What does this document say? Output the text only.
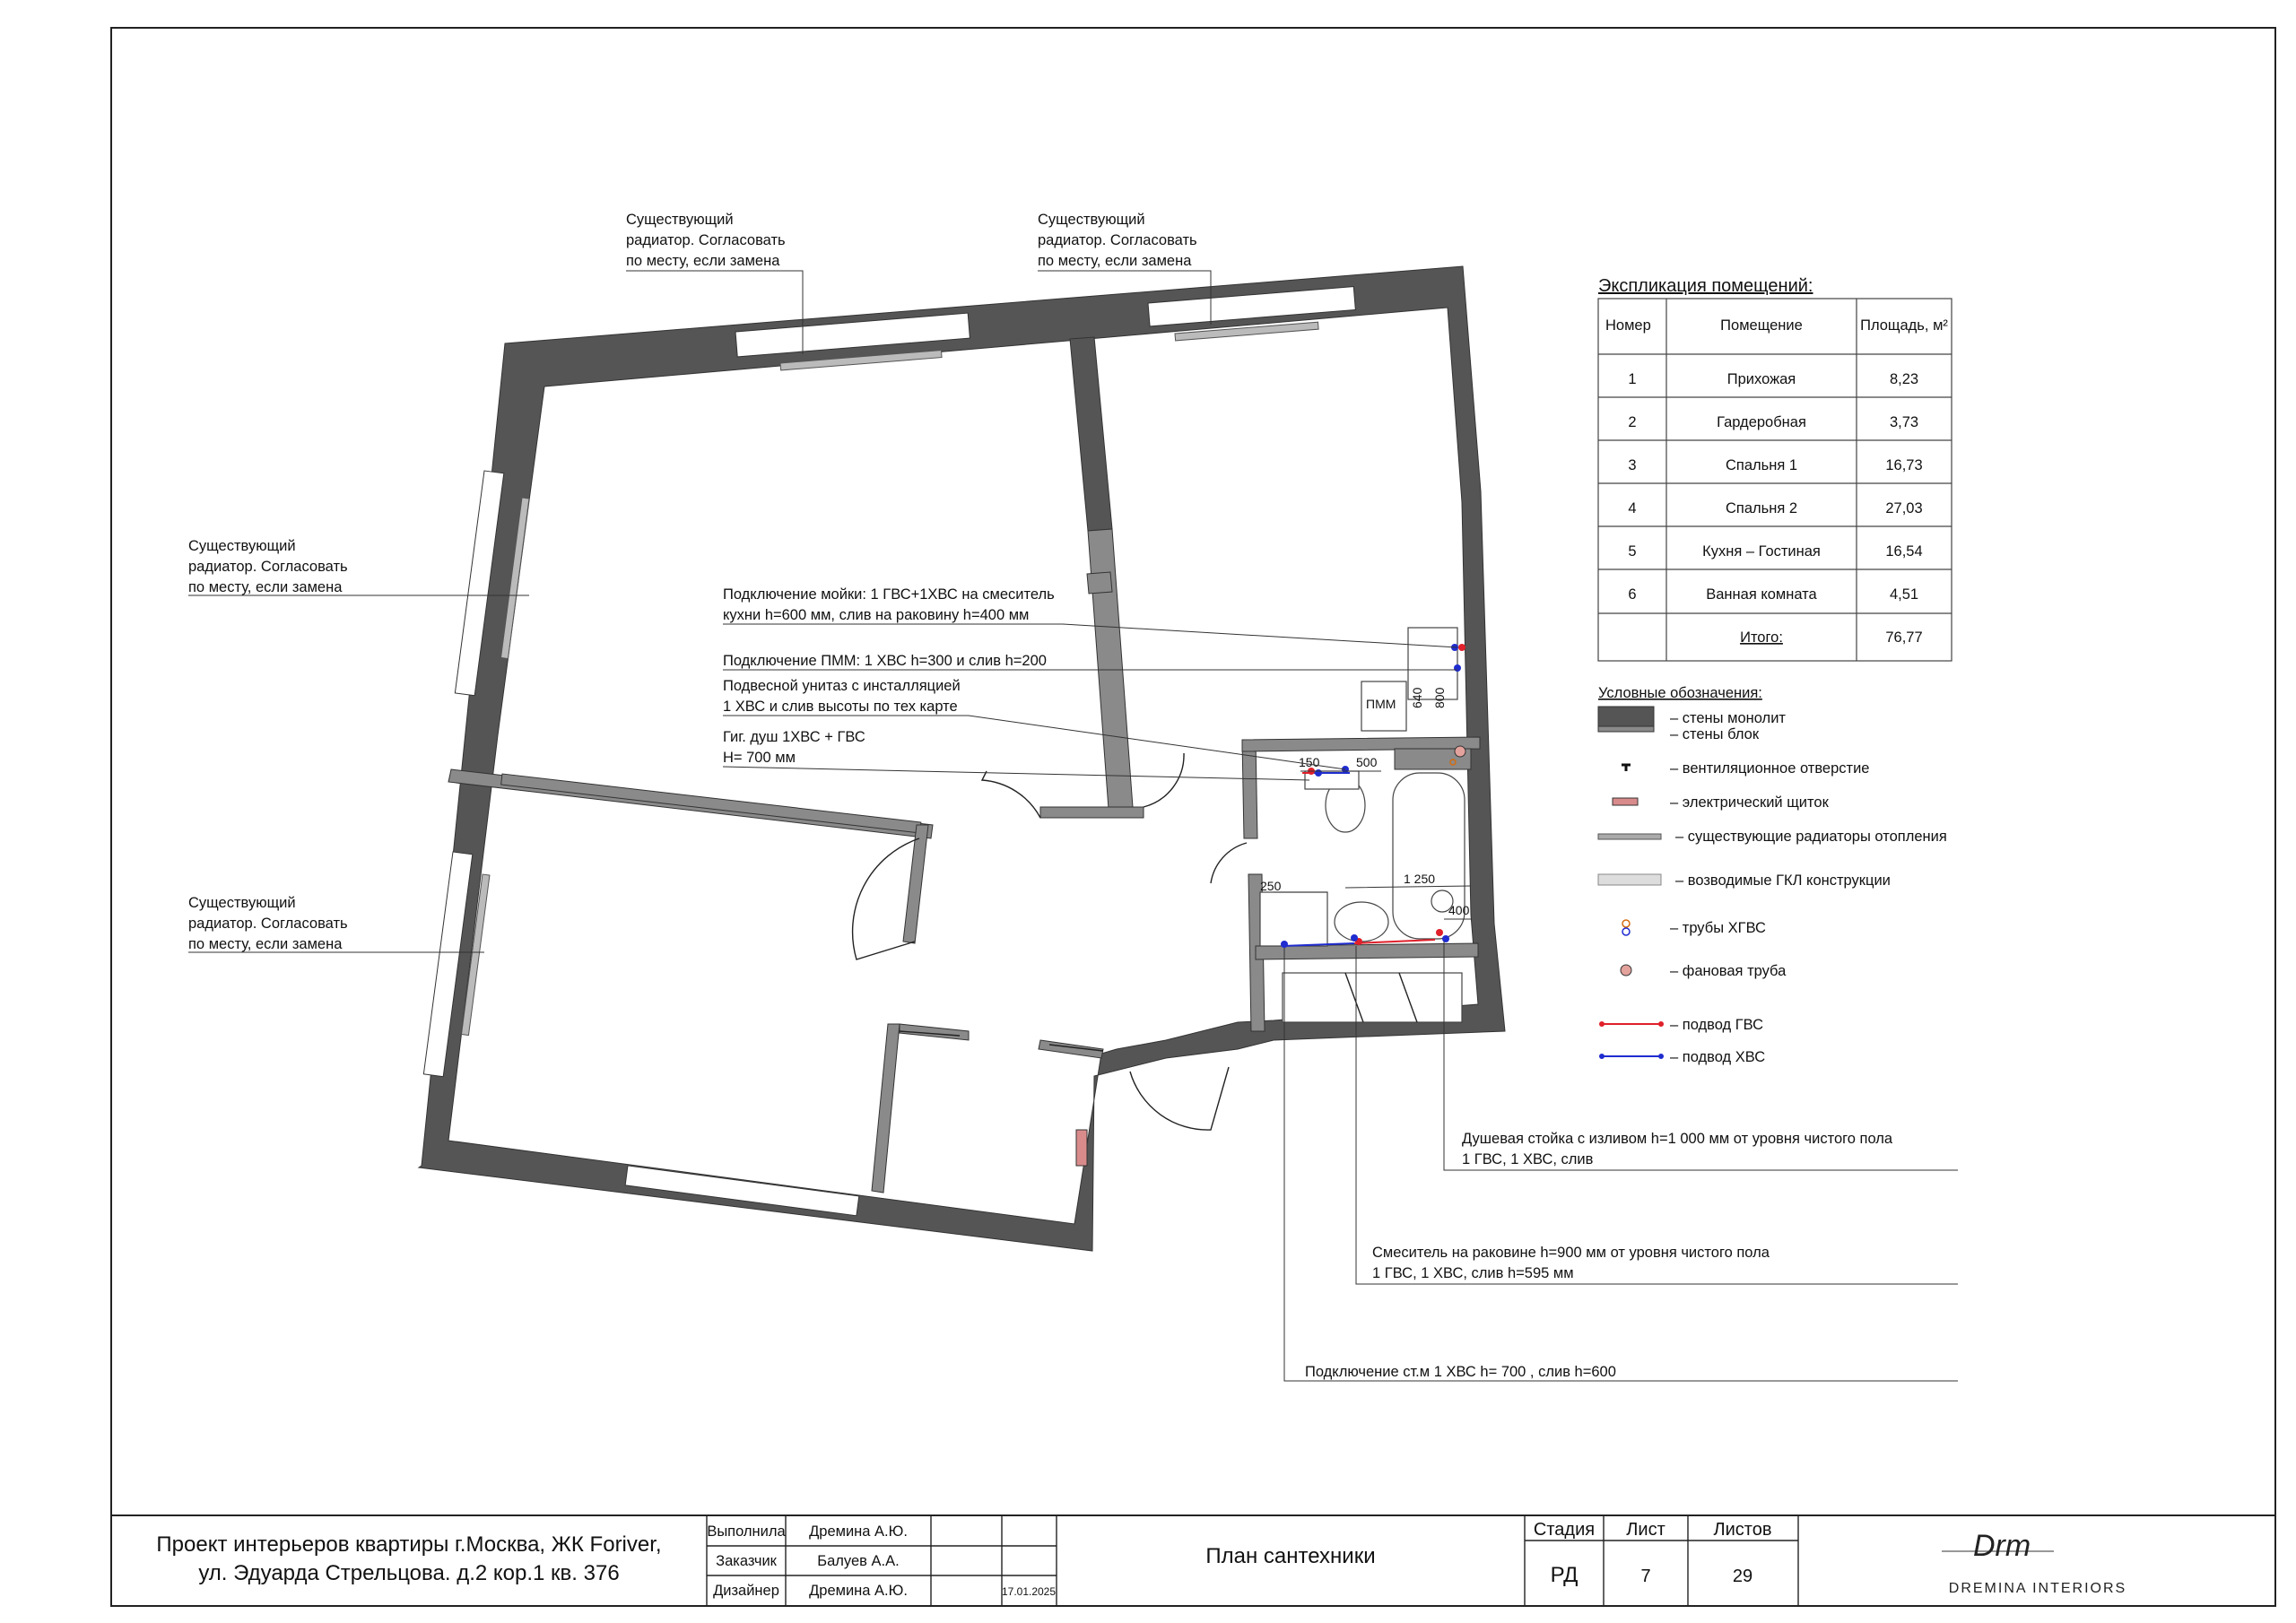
ПММ 640 800
150	500
250	1 250
400
Существующий
радиатор. Согласовать
по месту, если замена
Существующий
радиатор. Согласовать
по месту, если замена
Существующий
радиатор. Согласовать
по месту, если замена
Существующий
радиатор. Согласовать
по месту, если замена
Подключение мойки: 1 ГВС+1ХВС на смеситель
кухни h=600 мм, слив на раковину h=400 мм
Подключение ПММ: 1 ХВС h=300 и слив h=200
Подвесной унитаз с инсталляцией
1 ХВС и слив высоты по тех карте
Гиг. душ 1ХВС + ГВС
H= 700 мм
Душевая стойка с изливом h=1 000 мм от уровня чистого пола
1 ГВС, 1 ХВС, слив
Смеситель на раковине h=900 мм от уровня чистого пола
1 ГВС, 1 ХВС, слив h=595 мм
Подключение ст.м 1 ХВС h= 700 , слив h=600
Экспликация помещений:
Номер	Помещение	Площадь, м²
1	Прихожая	8,23
2	Гардеробная	3,73
3	Спальня 1	16,73
4	Спальня 2	27,03
5	Кухня – Гостиная	16,54
6	Ванная комната	4,51
Итого:	76,77
Условные обозначения:
– стены монолит
– стены блок
– вентиляционное отверстие
– электрический щиток
– существующие радиаторы отопления
– возводимые ГКЛ конструкции
– трубы ХГВС
– фановая труба
– подвод ГВС
– подвод ХВС
Проект интерьеров квартиры г.Москва, ЖК Foriver,
ул. Эдуарда Стрельцова. д.2 кор.1 кв. 376
Выполнила Дремина А.Ю.
Заказчик	Балуев А.А.
Дизайнер Дремина А.Ю.	17.01.2025
План сантехники
Стадия Лист	Листов
РД	7	29
Drm
DREMINA INTERIORS
